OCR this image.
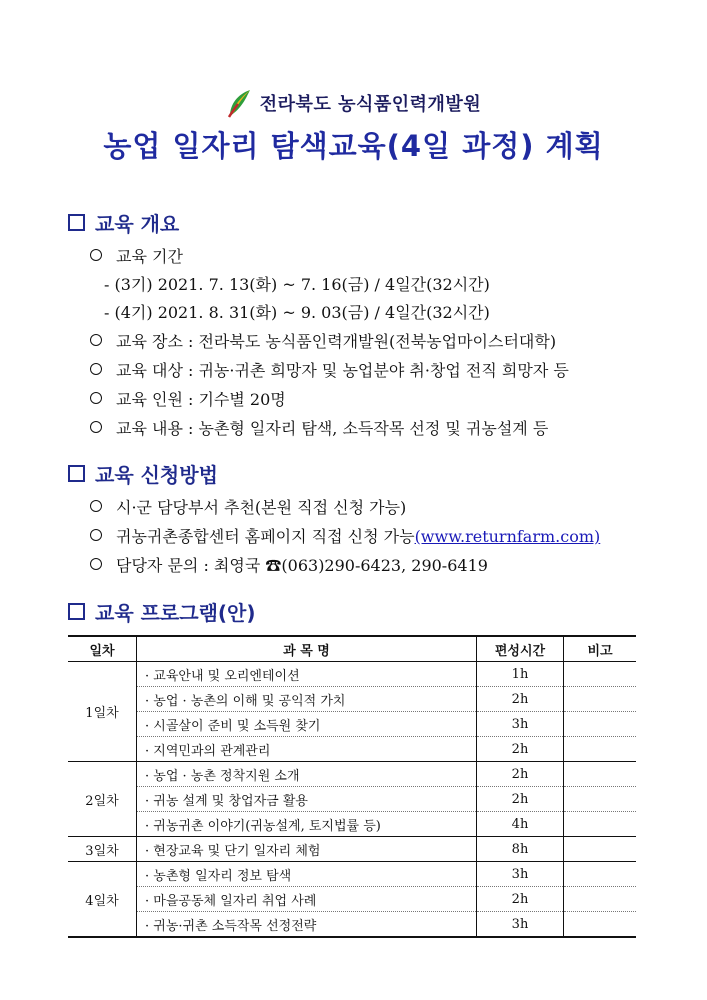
전라북도 농식품인력개발원
농업 일자리 탐색교육(4일 과정) 계획
교육 개요
교육 기간
- (3기) 2021. 7. 13(화) ~ 7. 16(금) / 4일간(32시간)
- (4기) 2021. 8. 31(화) ~ 9. 03(금) / 4일간(32시간)
교육 장소 : 전라북도 농식품인력개발원(전북농업마이스터대학)
교육 대상 : 귀농·귀촌 희망자 및 농업분야 취·창업 전직 희망자 등
교육 인원 : 기수별 20명
교육 내용 : 농촌형 일자리 탐색, 소득작목 선정 및 귀농설계 등
교육 신청방법
시·군 담당부서 추천(본원 직접 신청 가능)
귀농귀촌종합센터 홈페이지 직접 신청 가능(www.returnfarm.com)
담당자 문의 : 최영국 ☎(063)290-6423, 290-6419
교육 프로그램(안)
일차	과 목 명	편성시간	비고
1일차	· 교육안내 및 오리엔테이션	1h	
	· 농업 · 농촌의 이해 및 공익적 가치	2h	
	· 시골살이 준비 및 소득원 찾기	3h	
	· 지역민과의 관계관리	2h	
2일차	· 농업 · 농촌 정착지원 소개	2h	
	· 귀농 설계 및 창업자금 활용	2h	
	· 귀농귀촌 이야기(귀농설계, 토지법률 등)	4h	
3일차	· 현장교육 및 단기 일자리 체험	8h	
4일차	· 농촌형 일자리 정보 탐색	3h	
	· 마을공동체 일자리 취업 사례	2h	
	· 귀농·귀촌 소득작목 선정전략	3h	
